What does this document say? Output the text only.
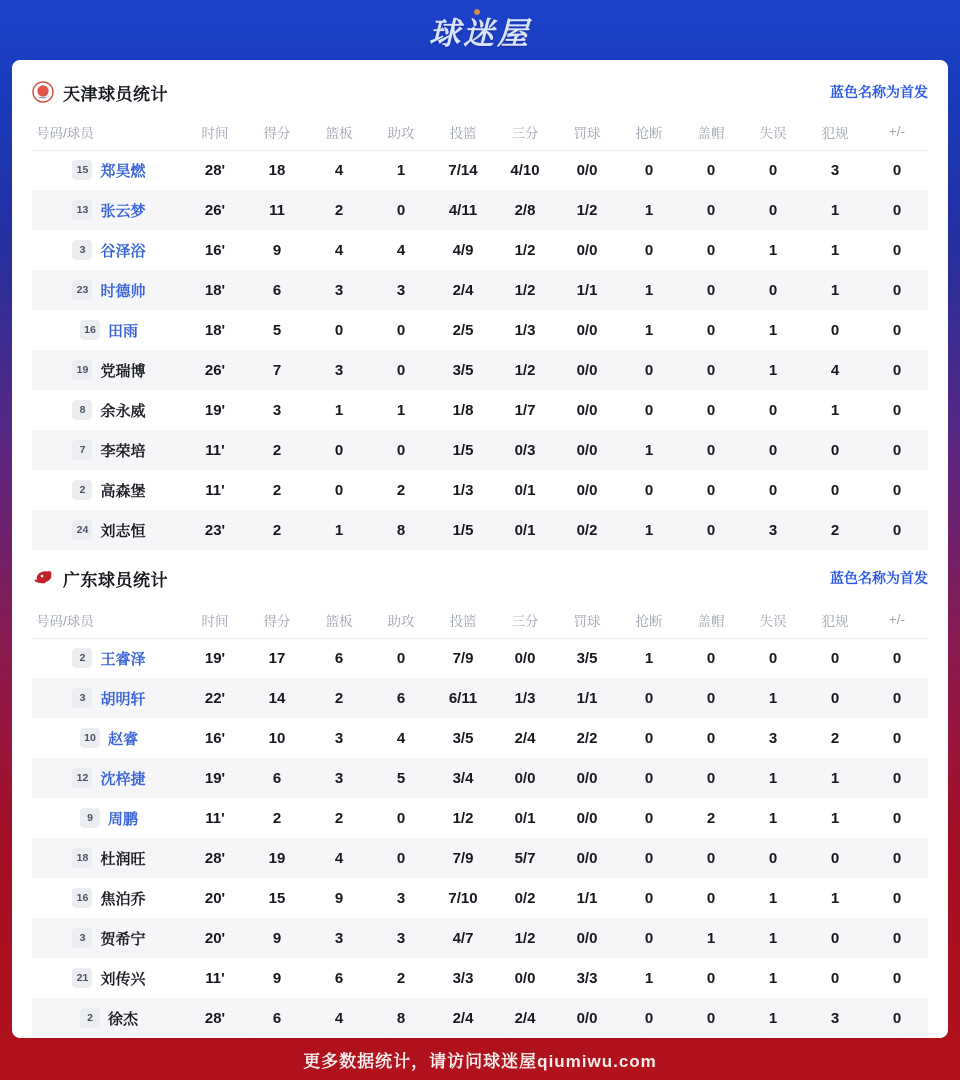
球迷屋
天津球员统计	蓝色名称为首发
号码/球员	时间	得分	篮板	助攻	投篮	三分	罚球	抢断	盖帽	失误	犯规	+/-
15 郑昊燃	28'	18	4	1	7/14	4/10	0/0	0	0	0	3	0
13 张云梦	26'	11	2	0	4/11	2/8	1/2	1	0	0	1	0
3 谷泽浴	16'	9	4	4	4/9	1/2	0/0	0	0	1	1	0
23 时德帅	18'	6	3	3	2/4	1/2	1/1	1	0	0	1	0
16 田雨	18'	5	0	0	2/5	1/3	0/0	1	0	1	0	0
19 党瑞博	26'	7	3	0	3/5	1/2	0/0	0	0	1	4	0
8 余永威	19'	3	1	1	1/8	1/7	0/0	0	0	0	1	0
7 李荣培	11'	2	0	0	1/5	0/3	0/0	1	0	0	0	0
2 高森堡	11'	2	0	2	1/3	0/1	0/0	0	0	0	0	0
24 刘志恒	23'	2	1	8	1/5	0/1	0/2	1	0	3	2	0
广东球员统计	蓝色名称为首发
号码/球员	时间	得分	篮板	助攻	投篮	三分	罚球	抢断	盖帽	失误	犯规	+/-
2 王睿泽	19'	17	6	0	7/9	0/0	3/5	1	0	0	0	0
3 胡明轩	22'	14	2	6	6/11	1/3	1/1	0	0	1	0	0
10 赵睿	16'	10	3	4	3/5	2/4	2/2	0	0	3	2	0
12 沈梓捷	19'	6	3	5	3/4	0/0	0/0	0	0	1	1	0
9 周鹏	11'	2	2	0	1/2	0/1	0/0	0	2	1	1	0
18 杜润旺	28'	19	4	0	7/9	5/7	0/0	0	0	0	0	0
16 焦泊乔	20'	15	9	3	7/10	0/2	1/1	0	0	1	1	0
3 贺希宁	20'	9	3	3	4/7	1/2	0/0	0	1	1	0	0
21 刘传兴	11'	9	6	2	3/3	0/0	3/3	1	0	1	0	0
2 徐杰	28'	6	4	8	2/4	2/4	0/0	0	0	1	3	0
更多数据统计，请访问球迷屋qiumiwu.com
